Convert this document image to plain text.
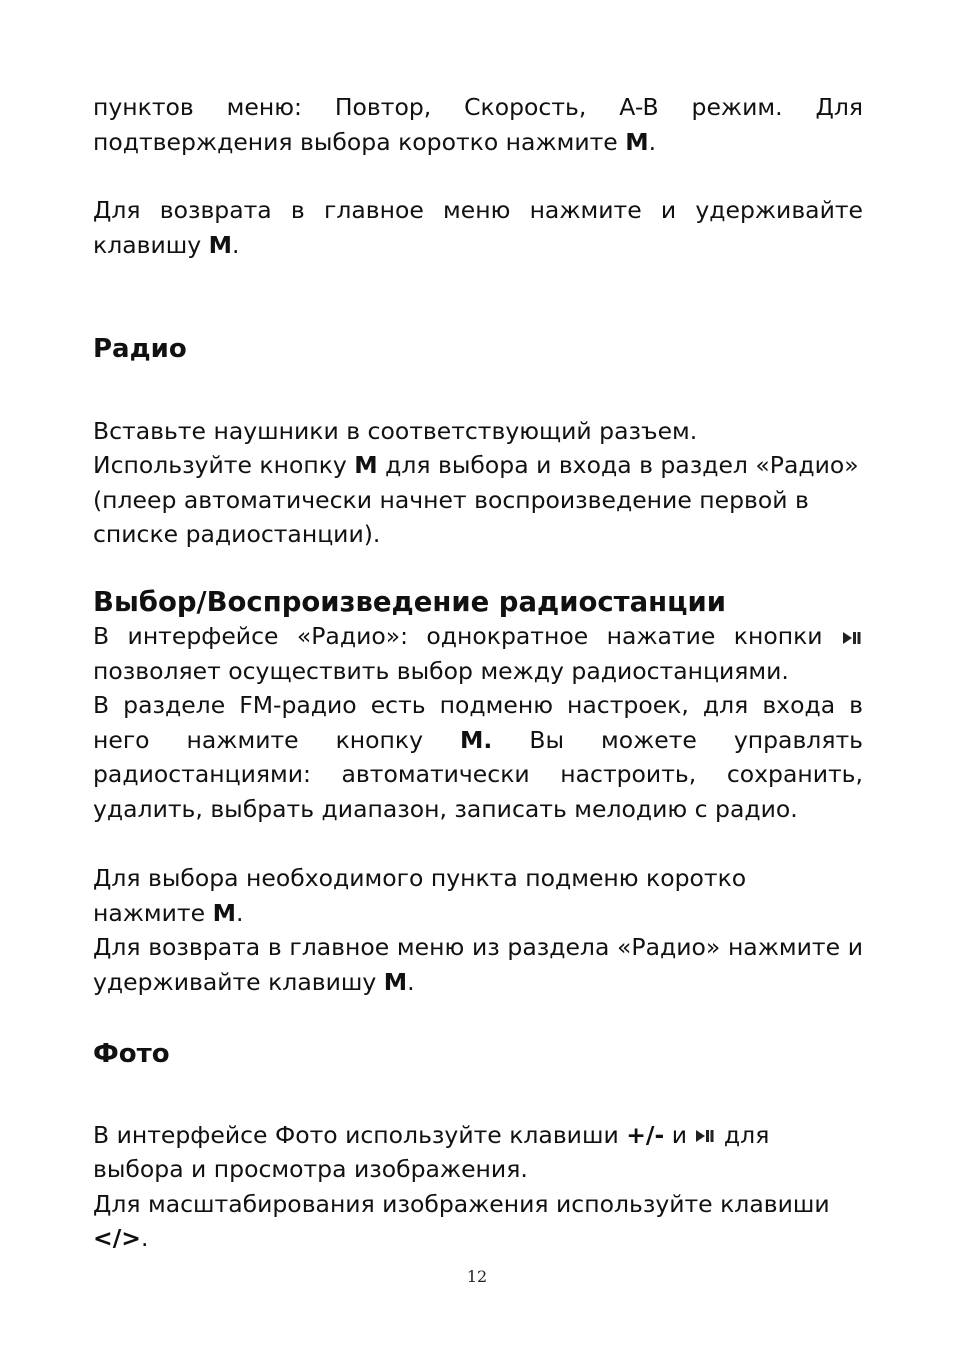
пунктов меню: Повтор, Скорость, A-B режим. Для

подтверждения выбора коротко нажмите M.

Для возврата в главное меню нажмите и удерживайте клавишу M.

Радио

Вставьте наушники в соответствующий разъем. Используйте кнопку M для выбора и входа в раздел «Радио» (плеер автоматически начнет воспроизведение первой в списке радиостанции).

Выбор/Воспроизведение радиостанции

В интерфейсе «Радио»: однократное нажатие кнопки

позволяет осуществить выбор между радиостанциями.

В разделе FM-радио есть подменю настроек, для входа в него нажмите кнопку M. Вы можете управлять радиостанциями: автоматически настроить, сохранить, удалить, выбрать диапазон, записать мелодию с радио.

Для выбора необходимого пункта подменю коротко нажмите M.

Для возврата в главное меню из раздела «Радио» нажмите и удерживайте клавишу M.

Фото

В интерфейсе Фото используйте клавиши +/- и  для выбора и просмотра изображения.

Для масштабирования изображения используйте клавиши </>.

12
